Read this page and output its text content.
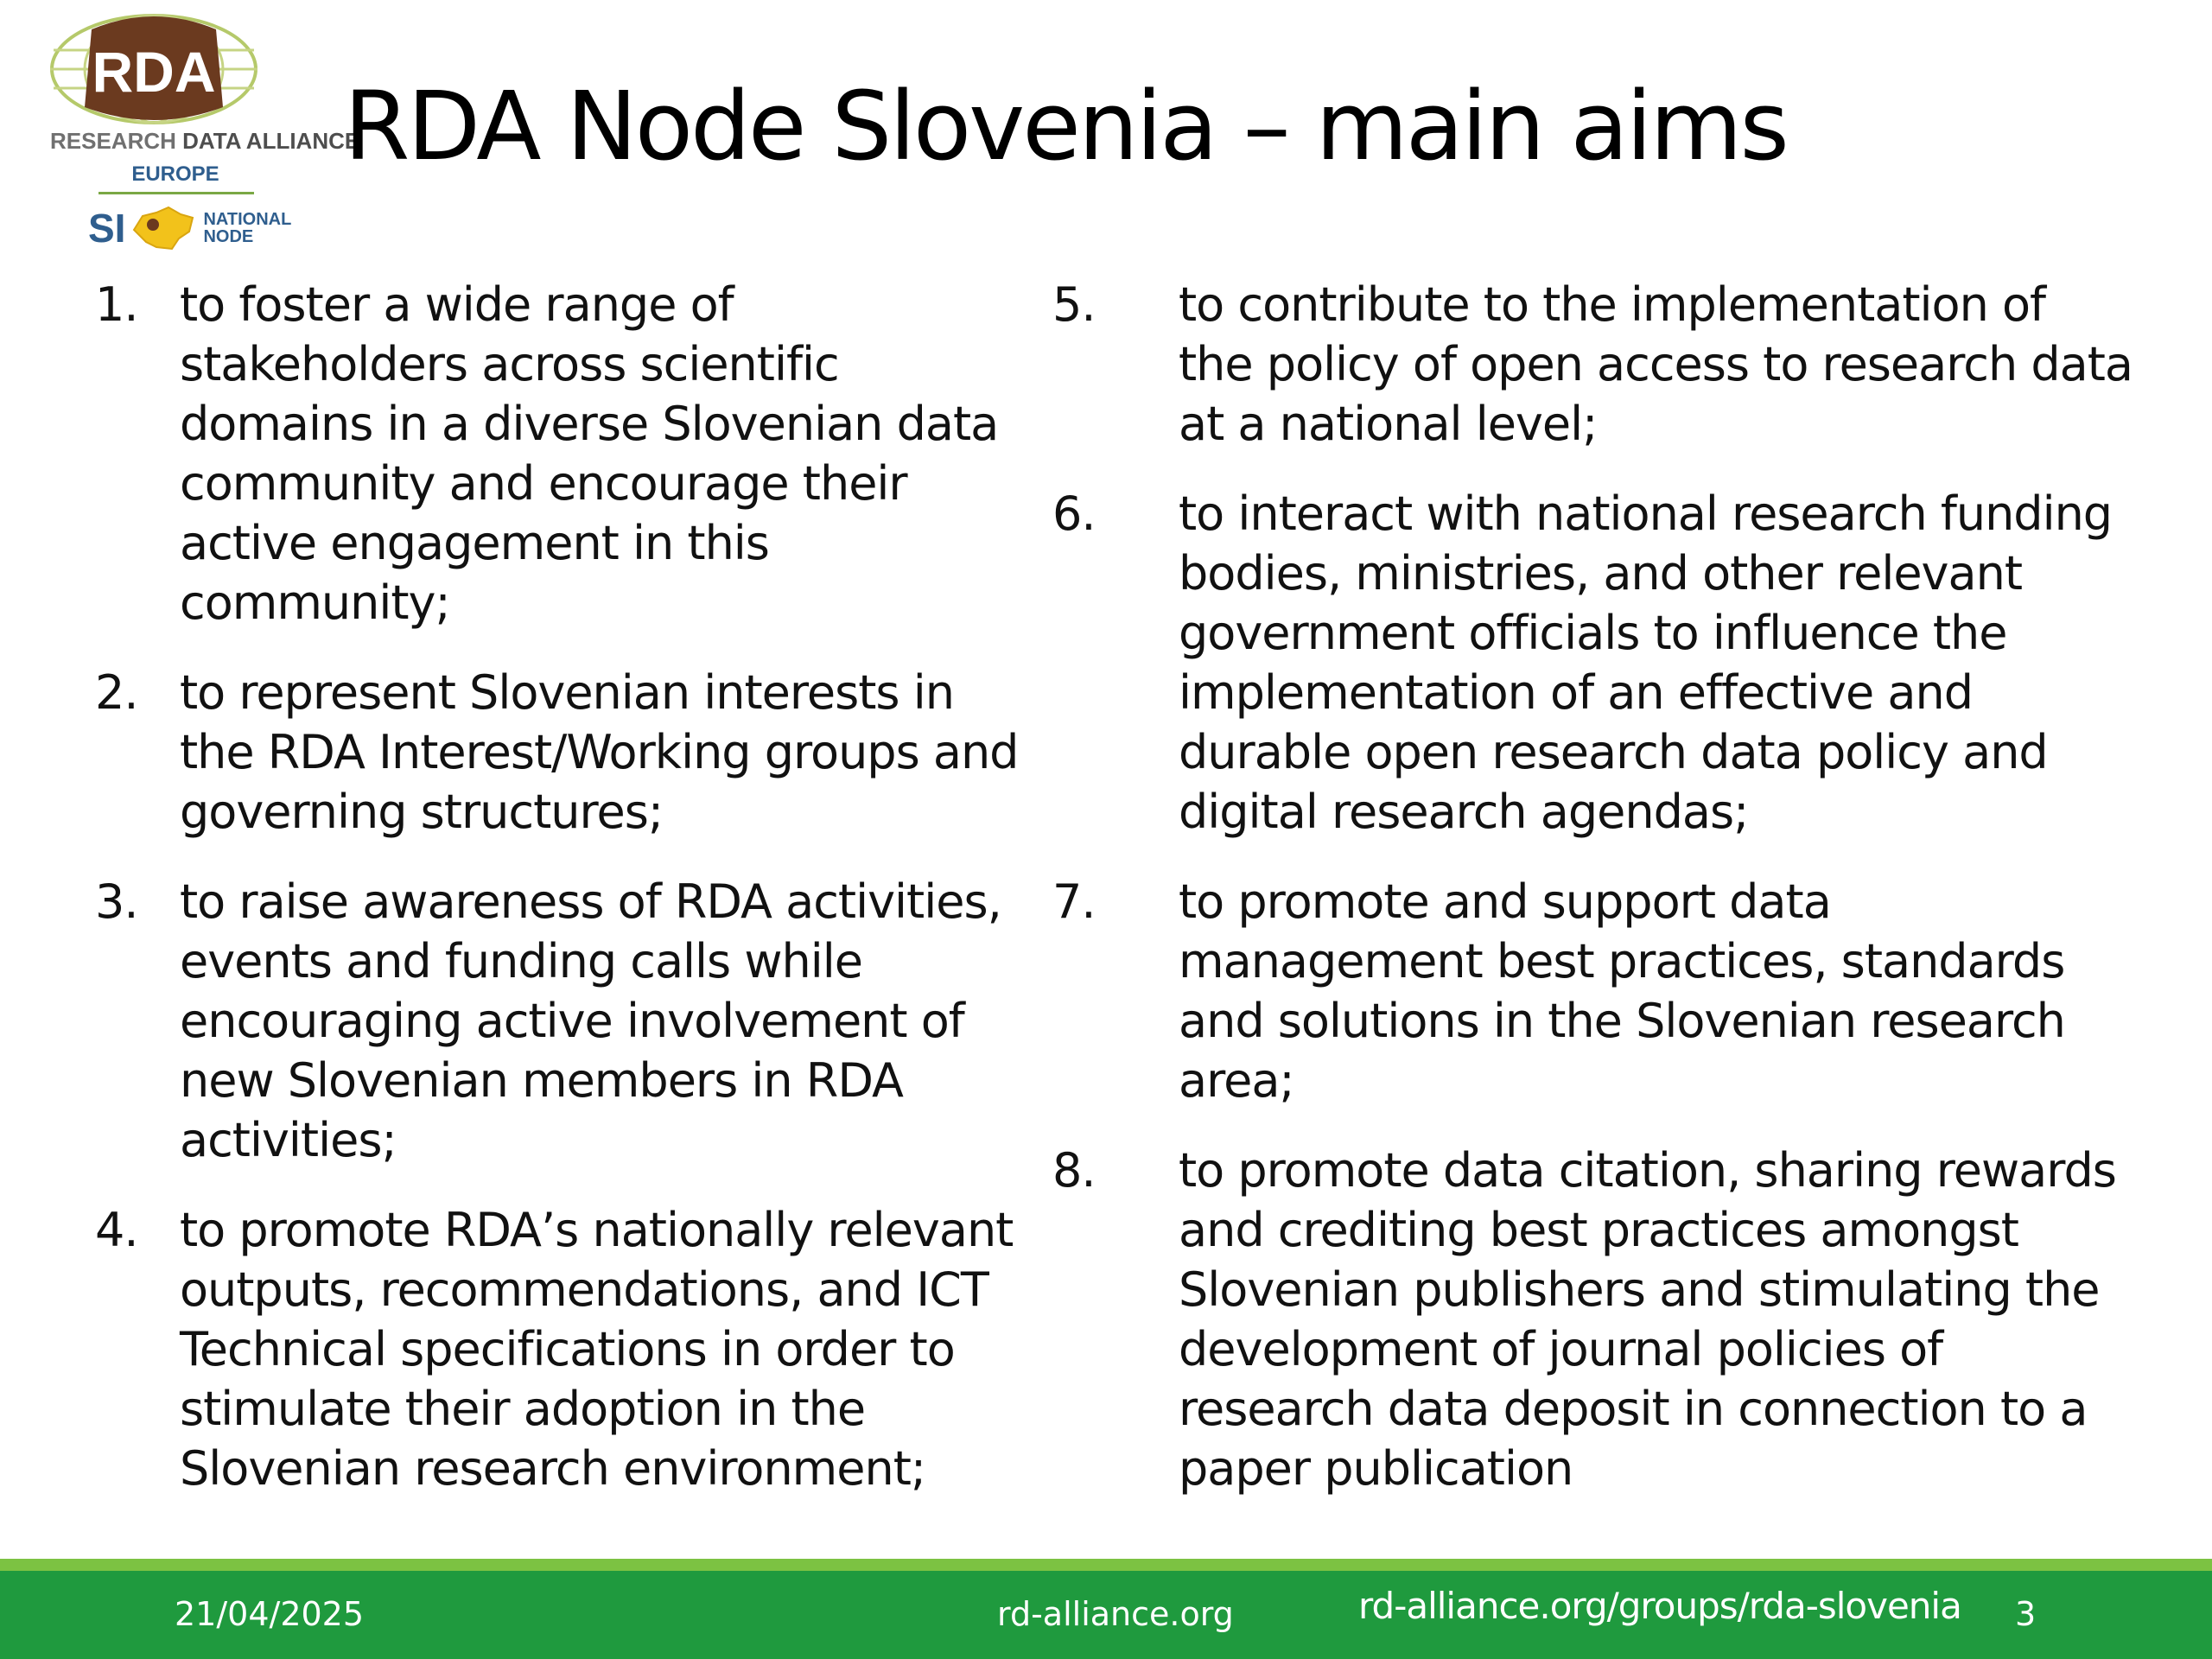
RDA
RESEARCH DATA ALLIANCE
EUROPE
SI	NATIONAL NODE
RDA Node Slovenia – main aims
1. to foster a wide range of stakeholders across scientific domains in a diverse Slovenian data community and encourage their active engagement in this community;
2. to represent Slovenian interests in the RDA Interest/Working groups and governing structures;
3. to raise awareness of RDA activities, events and funding calls while encouraging active involvement of new Slovenian members in RDA activities;
4. to promote RDA’s nationally relevant outputs, recommendations, and ICT Technical specifications in order to stimulate their adoption in the Slovenian research environment;
5. to contribute to the implementation of the policy of open access to research data at a national level;
6. to interact with national research funding bodies, ministries, and other relevant government officials to influence the implementation of an effective and durable open research data policy and digital research agendas;
7. to promote and support data management best practices, standards and solutions in the Slovenian research area;
8. to promote data citation, sharing rewards and crediting best practices amongst Slovenian publishers and stimulating the development of journal policies of research data deposit in connection to a paper publication
21/04/2025	rd-alliance.org	rd-alliance.org/groups/rda-slovenia 3
